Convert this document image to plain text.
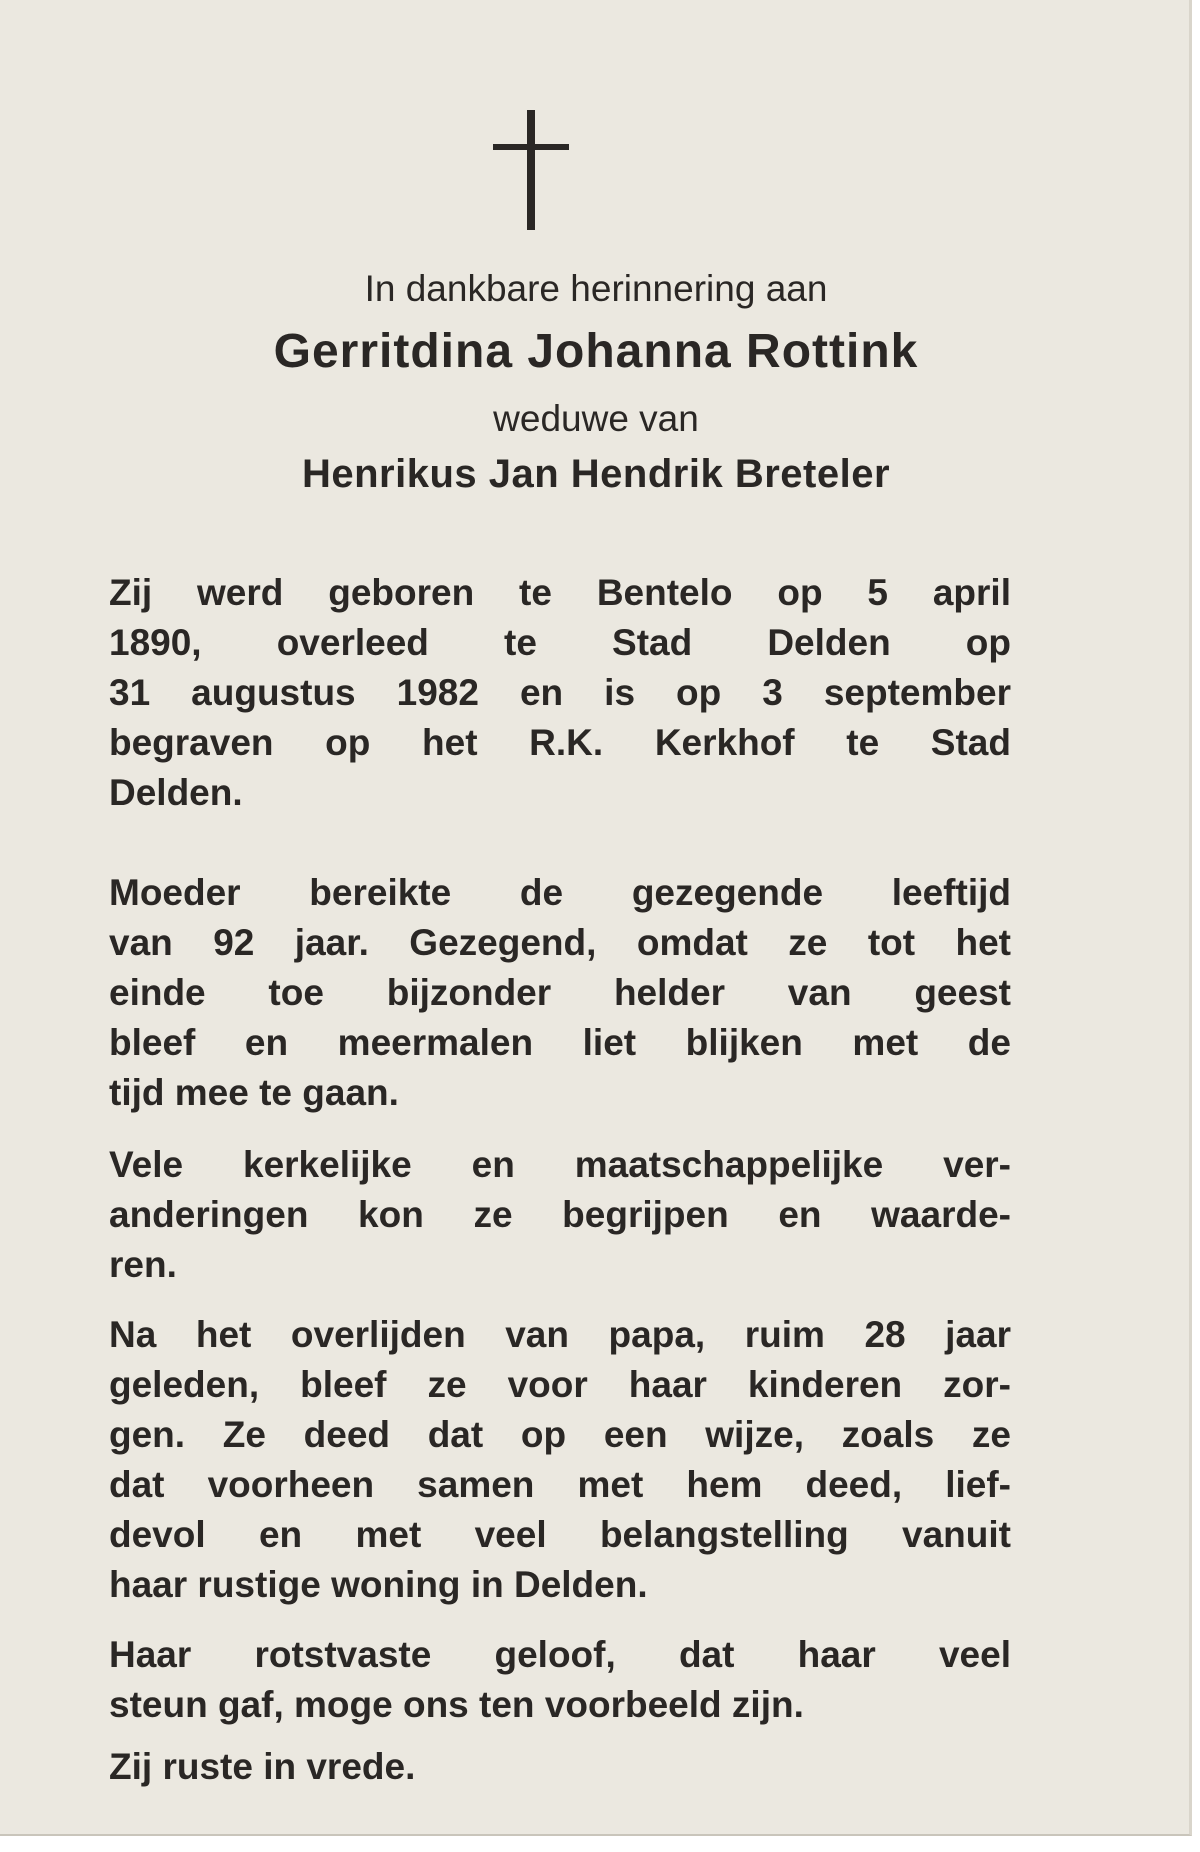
In dankbare herinnering aan
Gerritdina Johanna Rottink
weduwe van
Henrikus Jan Hendrik Breteler
Zij werd geboren te Bentelo op 5 april
1890, overleed te Stad Delden op
31 augustus 1982 en is op 3 september
begraven op het R.K. Kerkhof te Stad
Delden.
Moeder bereikte de gezegende leeftijd
van 92 jaar. Gezegend, omdat ze tot het
einde toe bijzonder helder van geest
bleef en meermalen liet blijken met de
tijd mee te gaan.
Vele kerkelijke en maatschappelijke ver-
anderingen kon ze begrijpen en waarde-
ren.
Na het overlijden van papa, ruim 28 jaar
geleden, bleef ze voor haar kinderen zor-
gen. Ze deed dat op een wijze, zoals ze
dat voorheen samen met hem deed, lief-
devol en met veel belangstelling vanuit
haar rustige woning in Delden.
Haar rotstvaste geloof, dat haar veel
steun gaf, moge ons ten voorbeeld zijn.
Zij ruste in vrede.
